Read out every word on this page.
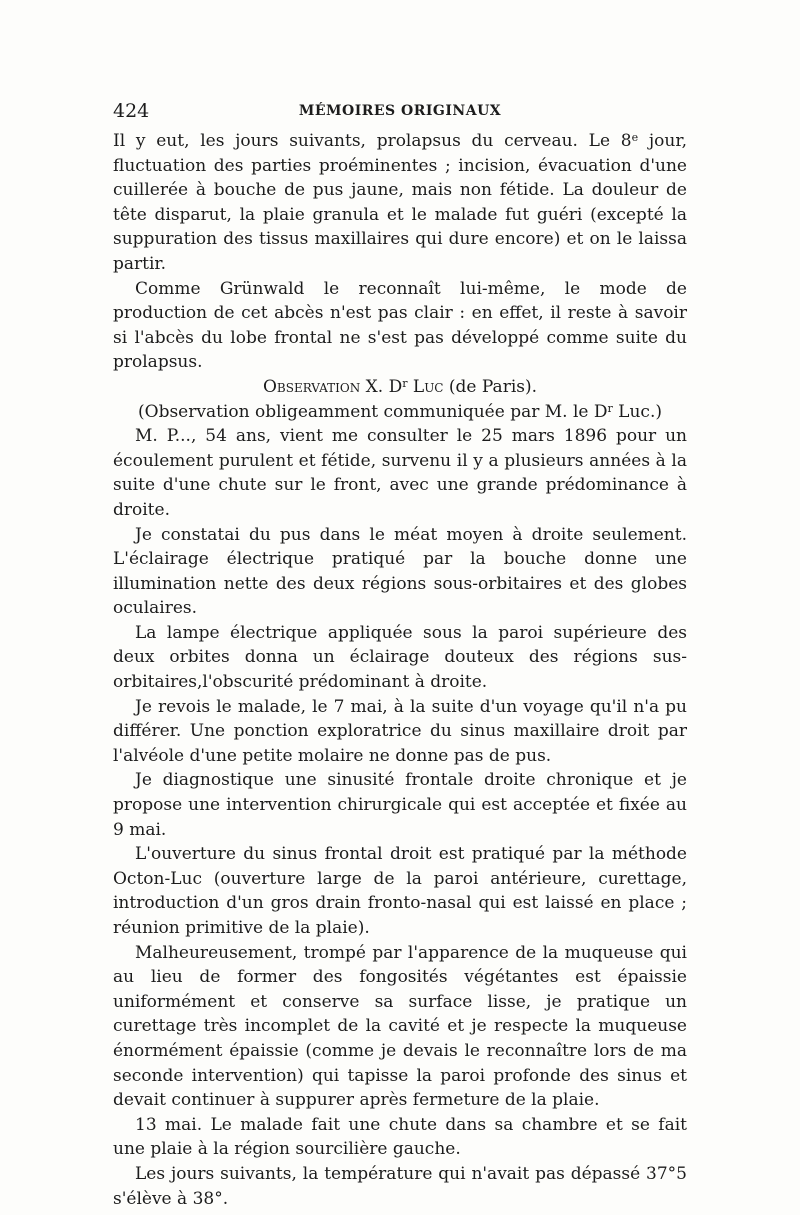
424	MÉMOIRES ORIGINAUX

Il y eut, les jours suivants, prolapsus du cerveau. Le 8e jour, fluctuation des parties proéminentes ; incision, évacuation d'une cuillerée à bouche de pus jaune, mais non fétide. La douleur de tête disparut, la plaie granula et le malade fut guéri (excepté la suppuration des tissus maxillaires qui dure encore) et on le laissa partir.

Comme Grünwald le reconnaît lui-même, le mode de production de cet abcès n'est pas clair : en effet, il reste à savoir si l'abcès du lobe frontal ne s'est pas développé comme suite du prolapsus.

Observation X. $D^r$ Luc (de Paris).

(Observation obligeamment communiquée par M. le $D^r$ Luc.)

M. P..., 54 ans, vient me consulter le 25 mars 1896 pour un écoulement purulent et fétide, survenu il y a plusieurs années à la suite d'une chute sur le front, avec une grande prédominance à droite.

Je constatai du pus dans le méat moyen à droite seulement. L'éclairage électrique pratiqué par la bouche donne une illumination nette des deux régions sous-orbitaires et des globes oculaires.

La lampe électrique appliquée sous la paroi supérieure des deux orbites donna un éclairage douteux des régions sus-orbitaires,l'obscurité prédominant à droite.

Je revois le malade, le 7 mai, à la suite d'un voyage qu'il n'a pu différer. Une ponction exploratrice du sinus maxillaire droit par l'alvéole d'une petite molaire ne donne pas de pus.

Je diagnostique une sinusité frontale droite chronique et je propose une intervention chirurgicale qui est acceptée et fixée au 9 mai.

L'ouverture du sinus frontal droit est pratiqué par la méthode Octon-Luc (ouverture large de la paroi antérieure, curettage, introduction d'un gros drain fronto-nasal qui est laissé en place ; réunion primitive de la plaie).

Malheureusement, trompé par l'apparence de la muqueuse qui au lieu de former des fongosités végétantes est épaissie uniformément et conserve sa surface lisse, je pratique un curettage très incomplet de la cavité et je respecte la muqueuse énormément épaissie (comme je devais le reconnaître lors de ma seconde intervention) qui tapisse la paroi profonde des sinus et devait continuer à suppurer après fermeture de la plaie.

13 mai. Le malade fait une chute dans sa chambre et se fait une plaie à la région sourcilière gauche.

Les jours suivants, la température qui n'avait pas dépassé 37°5 s'élève à 38°.
